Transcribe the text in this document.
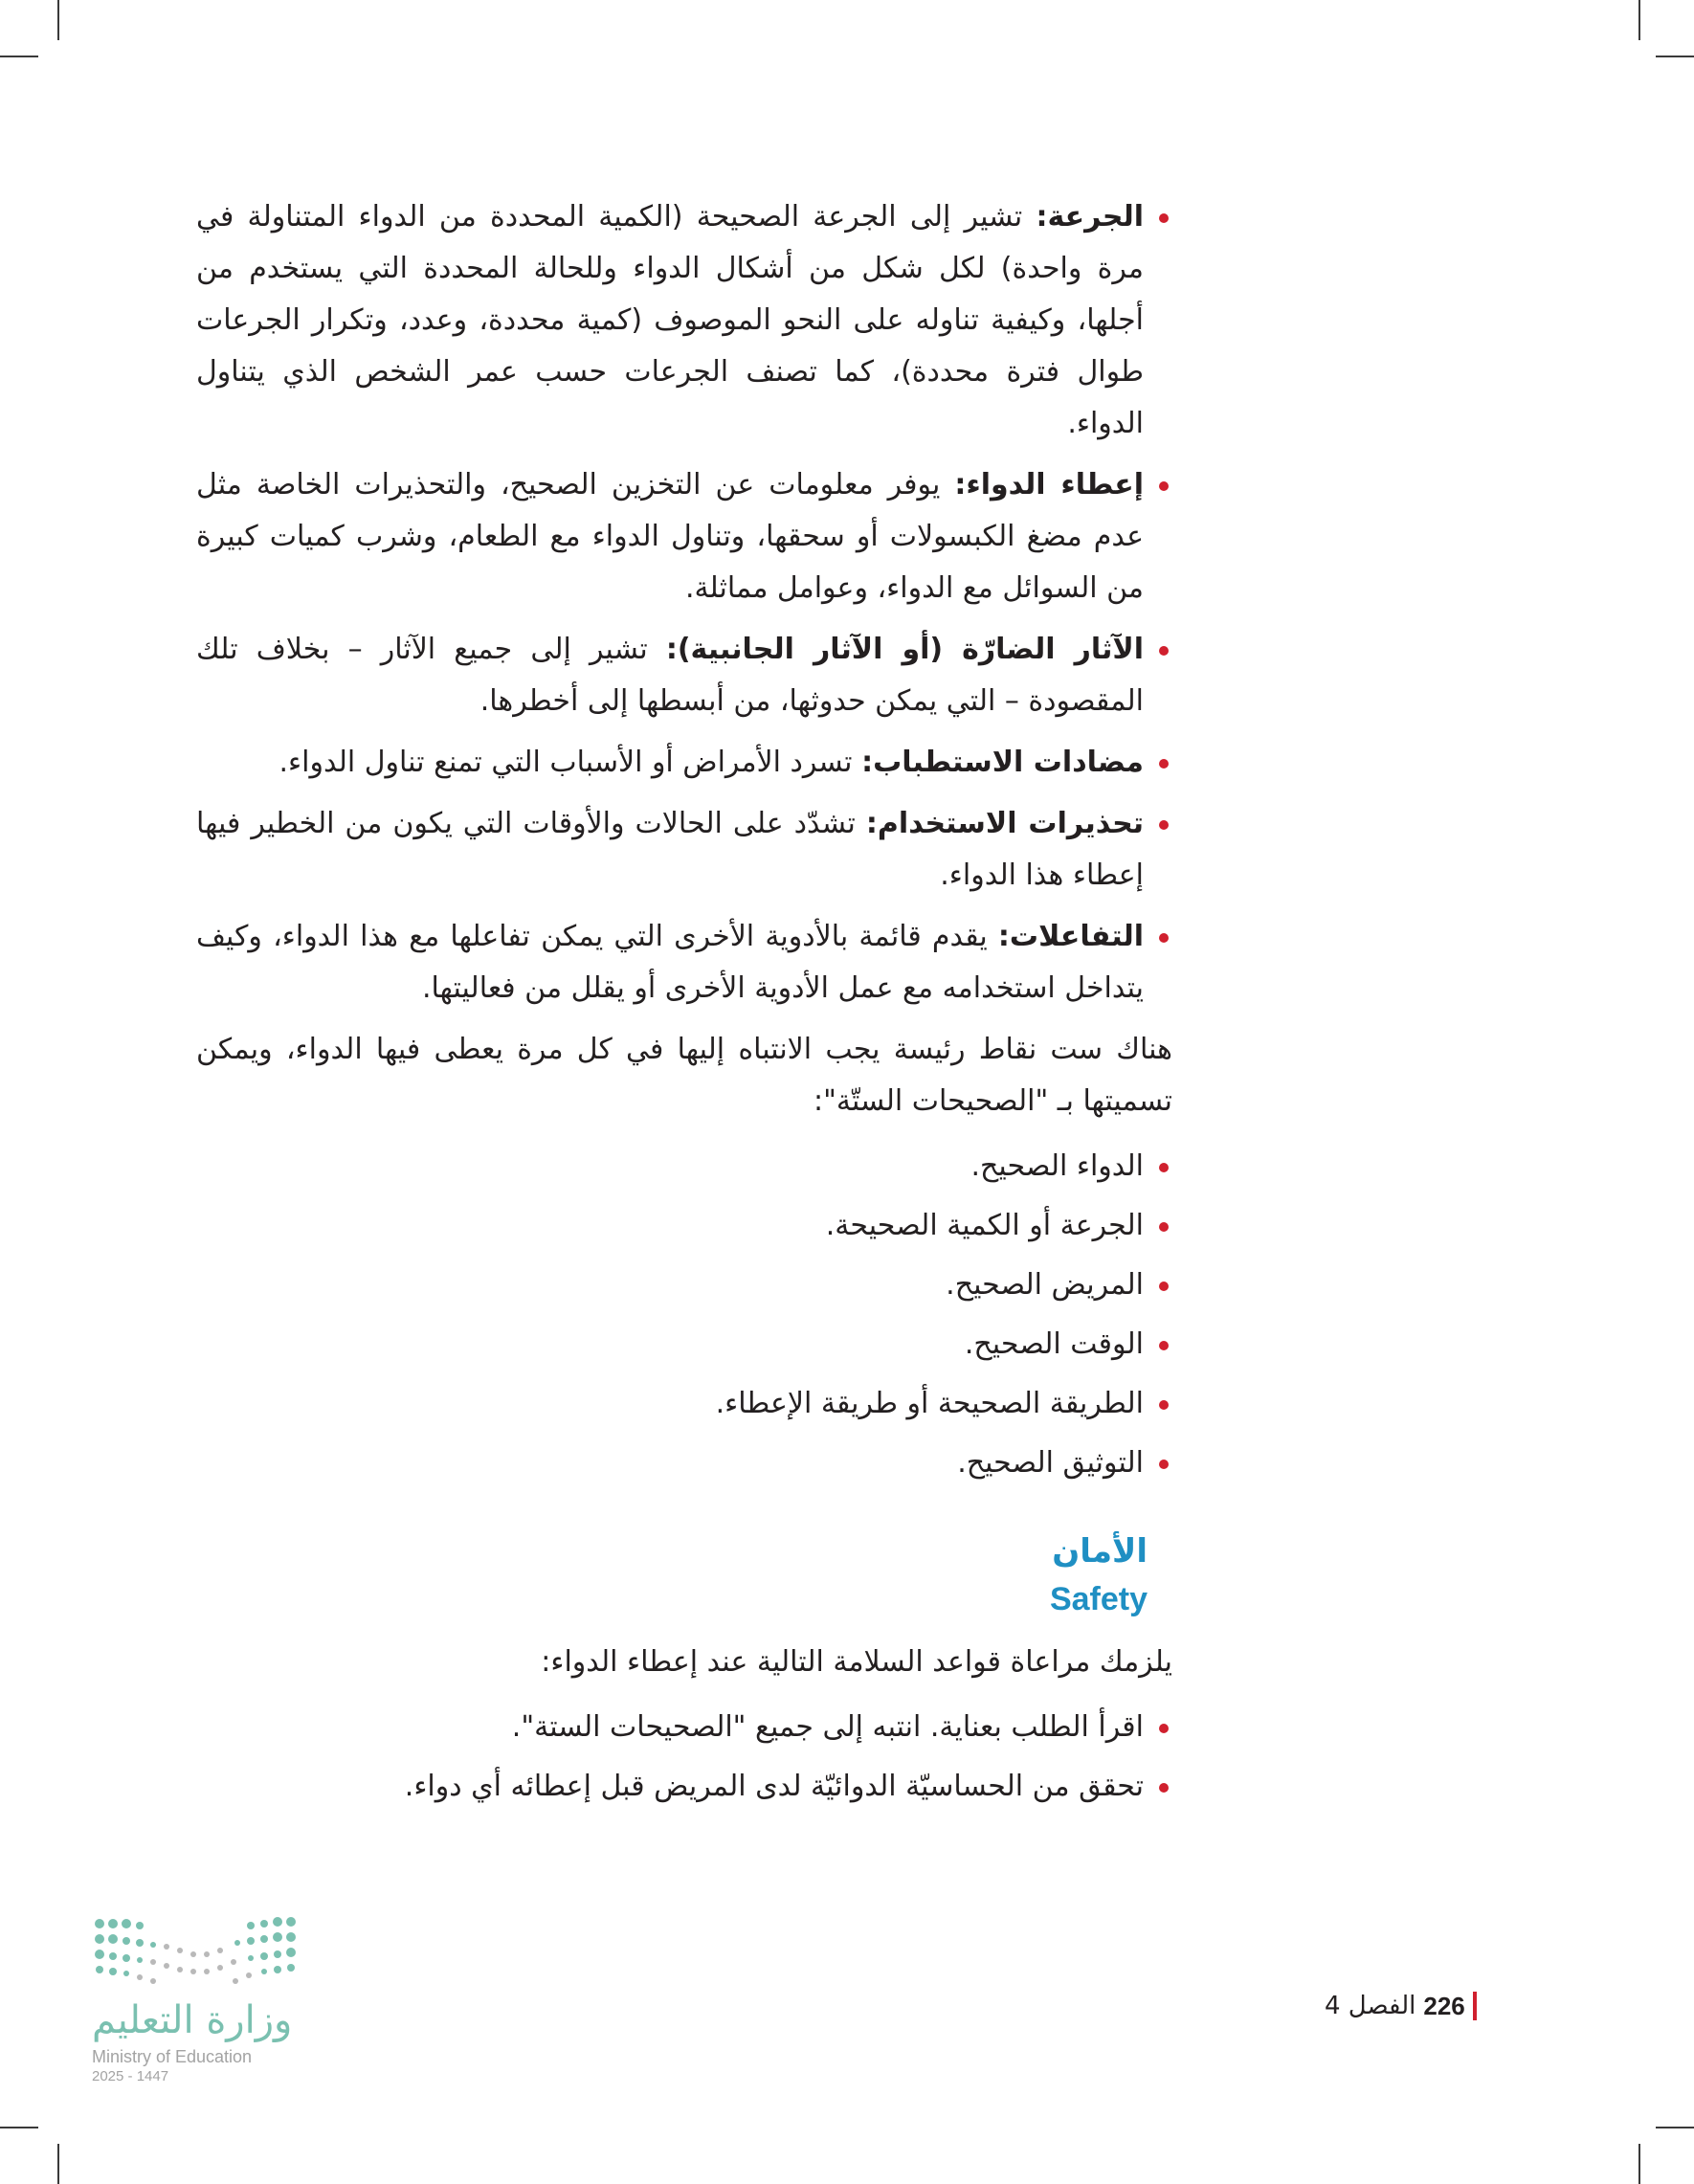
الجرعة: تشير إلى الجرعة الصحيحة (الكمية المحددة من الدواء المتناولة في مرة واحدة) لكل شكل من أشكال الدواء وللحالة المحددة التي يستخدم من أجلها، وكيفية تناوله على النحو الموصوف (كمية محددة، وعدد، وتكرار الجرعات طوال فترة محددة)، كما تصنف الجرعات حسب عمر الشخص الذي يتناول الدواء.
إعطاء الدواء: يوفر معلومات عن التخزين الصحيح، والتحذيرات الخاصة مثل عدم مضغ الكبسولات أو سحقها، وتناول الدواء مع الطعام، وشرب كميات كبيرة من السوائل مع الدواء، وعوامل مماثلة.
الآثار الضارّة (أو الآثار الجانبية): تشير إلى جميع الآثار – بخلاف تلك المقصودة – التي يمكن حدوثها، من أبسطها إلى أخطرها.
مضادات الاستطباب: تسرد الأمراض أو الأسباب التي تمنع تناول الدواء.
تحذيرات الاستخدام: تشدّد على الحالات والأوقات التي يكون من الخطير فيها إعطاء هذا الدواء.
التفاعلات: يقدم قائمة بالأدوية الأخرى التي يمكن تفاعلها مع هذا الدواء، وكيف يتداخل استخدامه مع عمل الأدوية الأخرى أو يقلل من فعاليتها.

هناك ست نقاط رئيسة يجب الانتباه إليها في كل مرة يعطى فيها الدواء، ويمكن تسميتها بـ "الصحيحات الستّة":

الدواء الصحيح.
الجرعة أو الكمية الصحيحة.
المريض الصحيح.
الوقت الصحيح.
الطريقة الصحيحة أو طريقة الإعطاء.
التوثيق الصحيح.
الأمان
Safety

يلزمك مراعاة قواعد السلامة التالية عند إعطاء الدواء:

اقرأ الطلب بعناية. انتبه إلى جميع "الصحيحات الستة".
تحقق من الحساسيّة الدوائيّة لدى المريض قبل إعطائه أي دواء.
وزارة التعليم
Ministry of Education
2025 - 1447
226
الفصل 4
